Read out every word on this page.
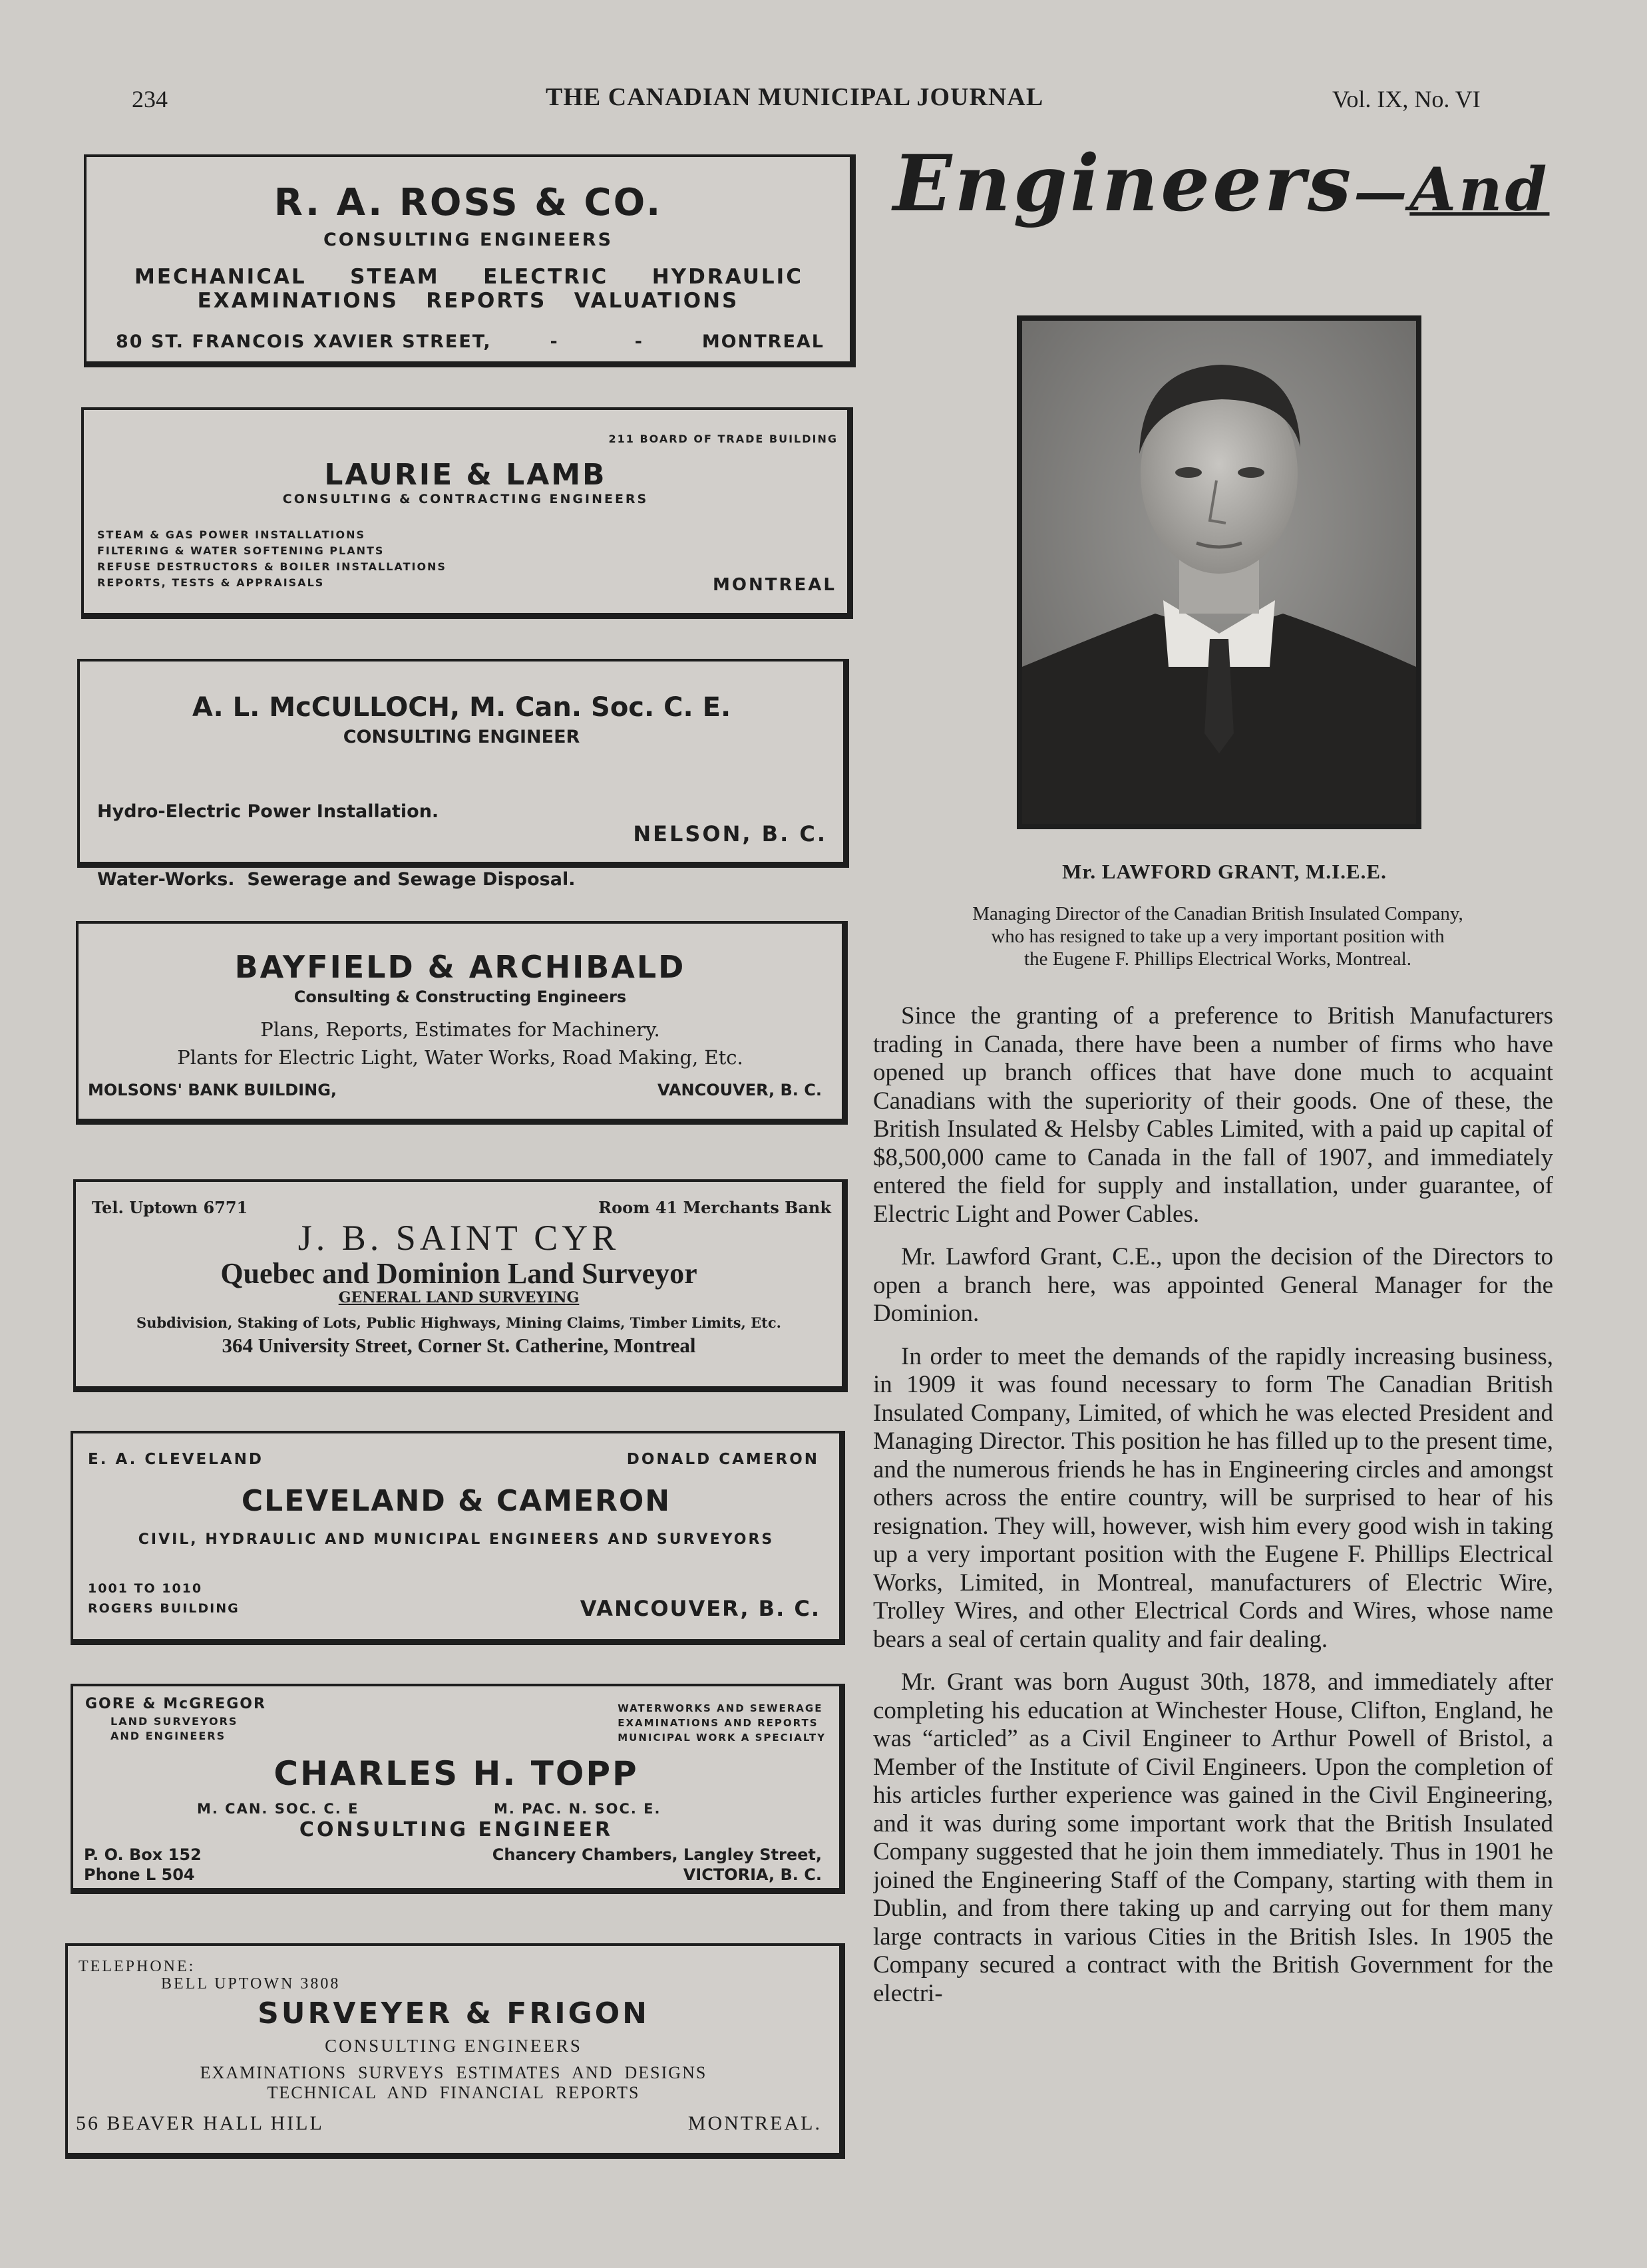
234	THE CANADIAN MUNICIPAL JOURNAL	Vol. IX, No. VI
R. A. ROSS & CO.
CONSULTING ENGINEERS
MECHANICAL STEAM ELECTRIC HYDRAULIC
EXAMINATIONS   REPORTS   VALUATIONS
80 ST. FRANCOIS XAVIER STREET,	-          -	MONTREAL
211 BOARD OF TRADE BUILDING
LAURIE & LAMB
CONSULTING & CONTRACTING ENGINEERS
STEAM & GAS POWER INSTALLATIONS
FILTERING & WATER SOFTENING PLANTS
REFUSE DESTRUCTORS & BOILER INSTALLATIONS
REPORTS, TESTS & APPRAISALS	MONTREAL
A. L. McCULLOCH, M. Can. Soc. C. E.
CONSULTING ENGINEER

Hydro-Electric Power Installation.

Water-Works.  Sewerage and Sewage Disposal.

NELSON, B. C.
BAYFIELD & ARCHIBALD
Consulting & Constructing Engineers
Plans, Reports, Estimates for Machinery.
Plants for Electric Light, Water Works, Road Making, Etc.
MOLSONS' BANK BUILDING,	VANCOUVER, B. C.
Tel. Uptown 6771	Room 41 Merchants Bank
J. B. SAINT CYR
Quebec and Dominion Land Surveyor
GENERAL LAND SURVEYING
Subdivision, Staking of Lots, Public Highways, Mining Claims, Timber Limits, Etc.
364 University Street, Corner St. Catherine, Montreal
E. A. CLEVELAND	DONALD CAMERON
CLEVELAND & CAMERON
CIVIL, HYDRAULIC AND MUNICIPAL ENGINEERS AND SURVEYORS
1001 TO 1010
ROGERS BUILDING	VANCOUVER, B. C.
GORE & McGREGOR
LAND SURVEYORS
AND ENGINEERS
WATERWORKS AND SEWERAGE
EXAMINATIONS AND REPORTS
MUNICIPAL WORK A SPECIALTY
CHARLES H. TOPP
M. CAN. SOC. C. E	M. PAC. N. SOC. E.
CONSULTING ENGINEER
P. O. Box 152
Phone L 504
Chancery Chambers, Langley Street,
VICTORIA, B. C.
TELEPHONE:
BELL UPTOWN 3808
SURVEYER & FRIGON
CONSULTING ENGINEERS
EXAMINATIONS  SURVEYS  ESTIMATES  AND  DESIGNS
TECHNICAL  AND  FINANCIAL  REPORTS
56 BEAVER HALL HILL	MONTREAL.
Engineers—And
Mr. LAWFORD GRANT, M.I.E.E.
Managing Director of the Canadian British Insulated Company,
who has resigned to take up a very important position with
the Eugene F. Phillips Electrical Works, Montreal.

Since the granting of a preference to British Manufacturers trading in Canada, there have been a number of firms who have opened up branch offices that have done much to acquaint Canadians with the superiority of their goods. One of these, the British Insulated & Helsby Cables Limited, with a paid up capital of $8,500,000 came to Canada in the fall of 1907, and immediately entered the field for supply and installation, under guarantee, of Electric Light and Power Cables.

Mr. Lawford Grant, C.E., upon the decision of the Directors to open a branch here, was appointed General Manager for the Dominion.

In order to meet the demands of the rapidly increasing business, in 1909 it was found necessary to form The Canadian British Insulated Company, Limited, of which he was elected President and Managing Director. This position he has filled up to the present time, and the numerous friends he has in Engineering circles and amongst others across the entire country, will be surprised to hear of his resignation. They will, however, wish him every good wish in taking up a very important position with the Eugene F. Phillips Electrical Works, Limited, in Montreal, manufacturers of Electric Wire, Trolley Wires, and other Electrical Cords and Wires, whose name bears a seal of certain quality and fair dealing.

Mr. Grant was born August 30th, 1878, and immediately after completing his education at Winchester House, Clifton, England, he was “articled” as a Civil Engineer to Arthur Powell of Bristol, a Member of the Institute of Civil Engineers. Upon the completion of his articles further experience was gained in the Civil Engineering, and it was during some important work that the British Insulated Company suggested that he join them immediately. Thus in 1901 he joined the Engineering Staff of the Company, starting with them in Dublin, and from there taking up and carrying out for them many large contracts in various Cities in the British Isles. In 1905 the Company secured a contract with the British Government for the electri-
